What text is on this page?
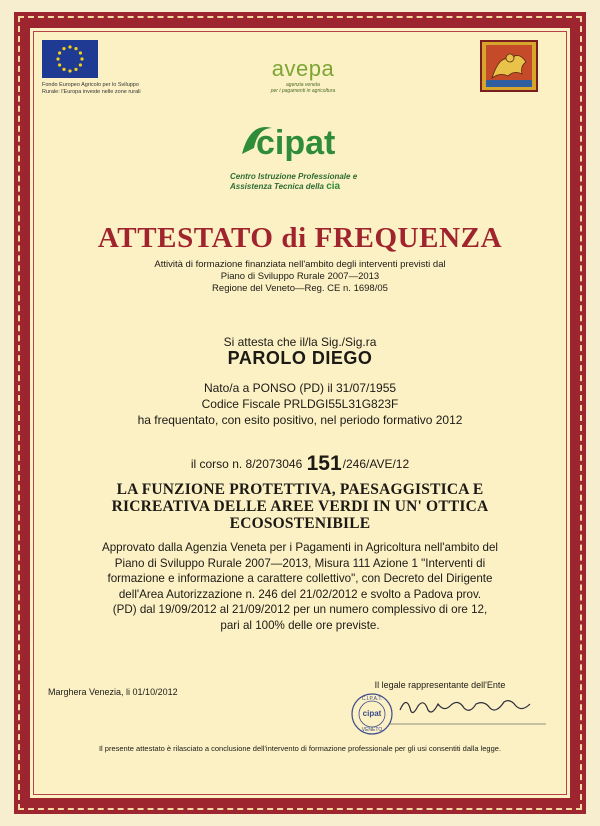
Fondo Europeo Agricolo per lo Sviluppo
Rurale: l'Europa investe nelle zone rurali
avepa
agenzia veneta
per i pagamenti in agricoltura
cipat
Centro Istruzione Professionale e
Assistenza Tecnica della cia
ATTESTATO di FREQUENZA
Attività di formazione finanziata nell'ambito degli interventi previsti dal
Piano di Sviluppo Rurale 2007—2013
Regione del Veneto—Reg. CE n. 1698/05
Si attesta che il/la Sig./Sig.ra
PAROLO DIEGO
Nato/a a PONSO (PD) il 31/07/1955
Codice Fiscale PRLDGI55L31G823F
ha frequentato, con esito positivo, nel periodo formativo 2012
il corso n. 8/2073046 151/246/AVE/12
LA FUNZIONE PROTETTIVA, PAESAGGISTICA E
RICREATIVA DELLE AREE VERDI IN UN' OTTICA
ECOSOSTENIBILE
Approvato dalla Agenzia Veneta per i Pagamenti in Agricoltura nell'ambito del
Piano di Sviluppo Rurale 2007—2013, Misura 111 Azione 1 "Interventi di
formazione e informazione a carattere collettivo", con Decreto del Dirigente
dell'Area Autorizzazione n. 246 del 21/02/2012 e svolto a Padova prov.
(PD) dal 19/09/2012 al 21/09/2012 per un numero complessivo di ore 12,
pari al 100% delle ore previste.
Il legale rappresentante dell'Ente
C.I.P.A.T.
cipat
VENETO
Marghera Venezia, li 01/10/2012
Il presente attestato è rilasciato a conclusione dell'intervento di formazione professionale per gli usi consentiti dalla legge.
